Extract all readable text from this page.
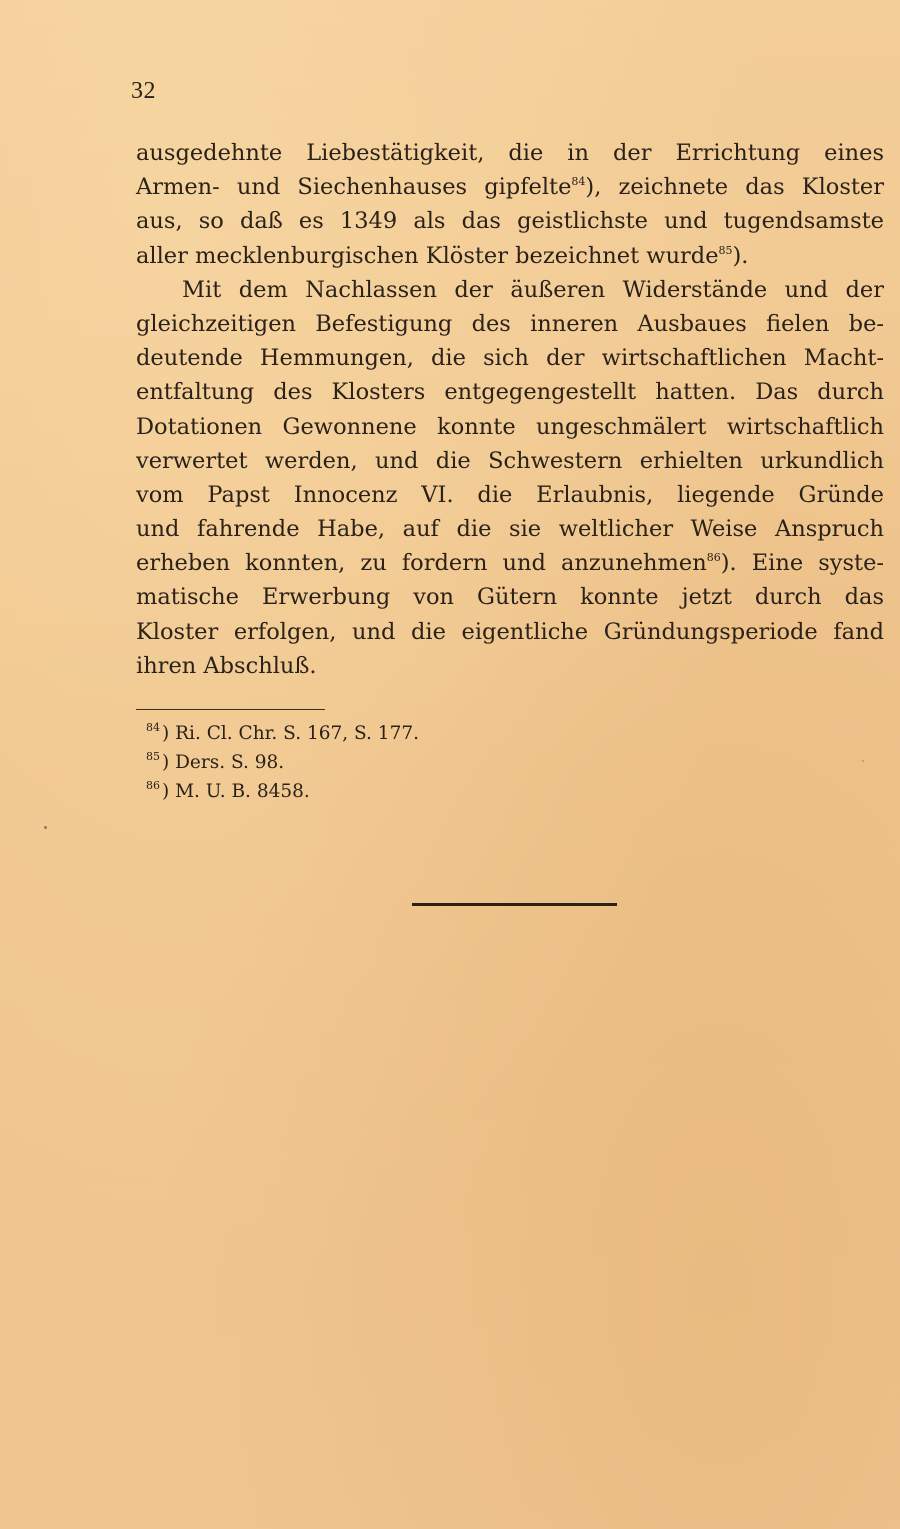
32
ausgedehnte Liebestätigkeit, die in der Errichtung eines
Armen- und Siechenhauses gipfelte$^{84}$), zeichnete das Kloster
aus, so daß es 1349 als das geistlichste und tugendsamste
aller mecklenburgischen Klöster bezeichnet wurde$^{85}$).
Mit dem Nachlassen der äußeren Widerstände und der
gleichzeitigen Befestigung des inneren Ausbaues fielen be-
deutende Hemmungen, die sich der wirtschaftlichen Macht-
entfaltung des Klosters entgegengestellt hatten. Das durch
Dotationen Gewonnene konnte ungeschmälert wirtschaftlich
verwertet werden, und die Schwestern erhielten urkundlich
vom Papst Innocenz VI. die Erlaubnis, liegende Gründe
und fahrende Habe, auf die sie weltlicher Weise Anspruch
erheben konnten, zu fordern und anzunehmen$^{86}$). Eine syste-
matische Erwerbung von Gütern konnte jetzt durch das
Kloster erfolgen, und die eigentliche Gründungsperiode fand
ihren Abschluß.
$^{84}$ ) Ri. Cl. Chr. S. 167, S. 177.
$^{85}$ ) Ders. S. 98.
$^{86}$ ) M. U. B. 8458.
